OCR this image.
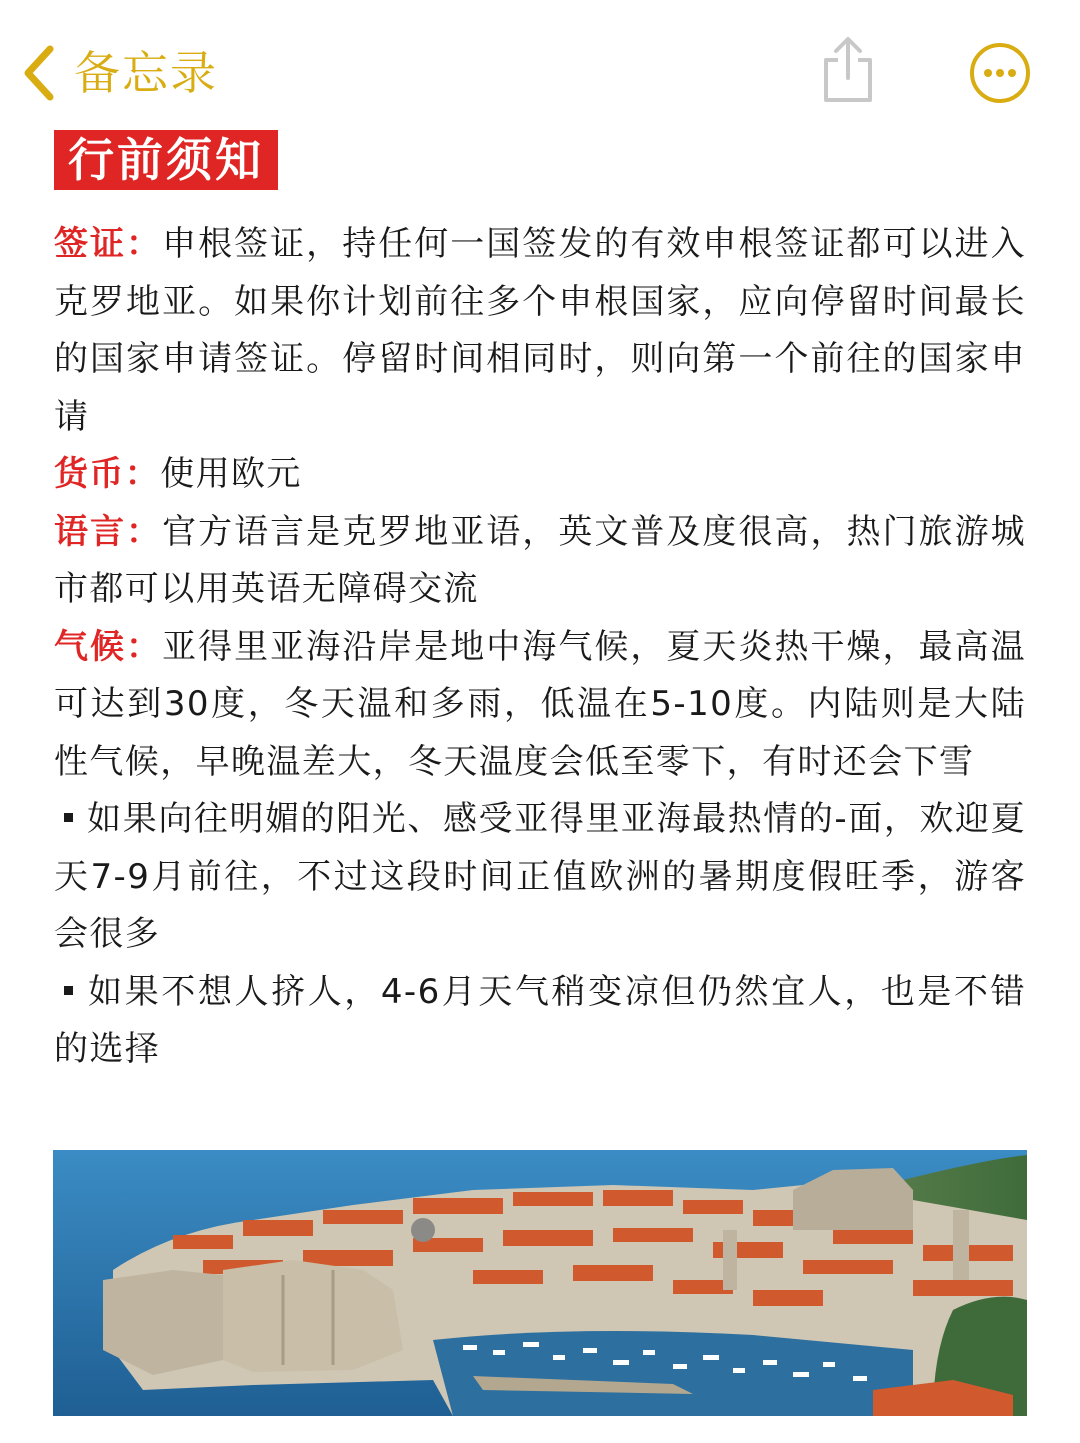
备忘录
行前须知

签证：申根签证，持任何一国签发的有效申根签证都可以进入克罗地亚。如果你计划前往多个申根国家，应向停留时间最长的国家申请签证。停留时间相同时，则向第一个前往的国家申请

货币：使用欧元

语言：官方语言是克罗地亚语，英文普及度很高，热门旅游城市都可以用英语无障碍交流

气候：亚得里亚海沿岸是地中海气候，夏天炎热干燥，最高温可达到30度，冬天温和多雨，低温在5-10度。内陆则是大陆性气候，早晚温差大，冬天温度会低至零下，有时还会下雪

如果向往明媚的阳光、感受亚得里亚海最热情的-面，欢迎夏天7-9月前往，不过这段时间正值欧洲的暑期度假旺季，游客会很多

如果不想人挤人，4-6月天气稍变凉但仍然宜人，也是不错的选择
